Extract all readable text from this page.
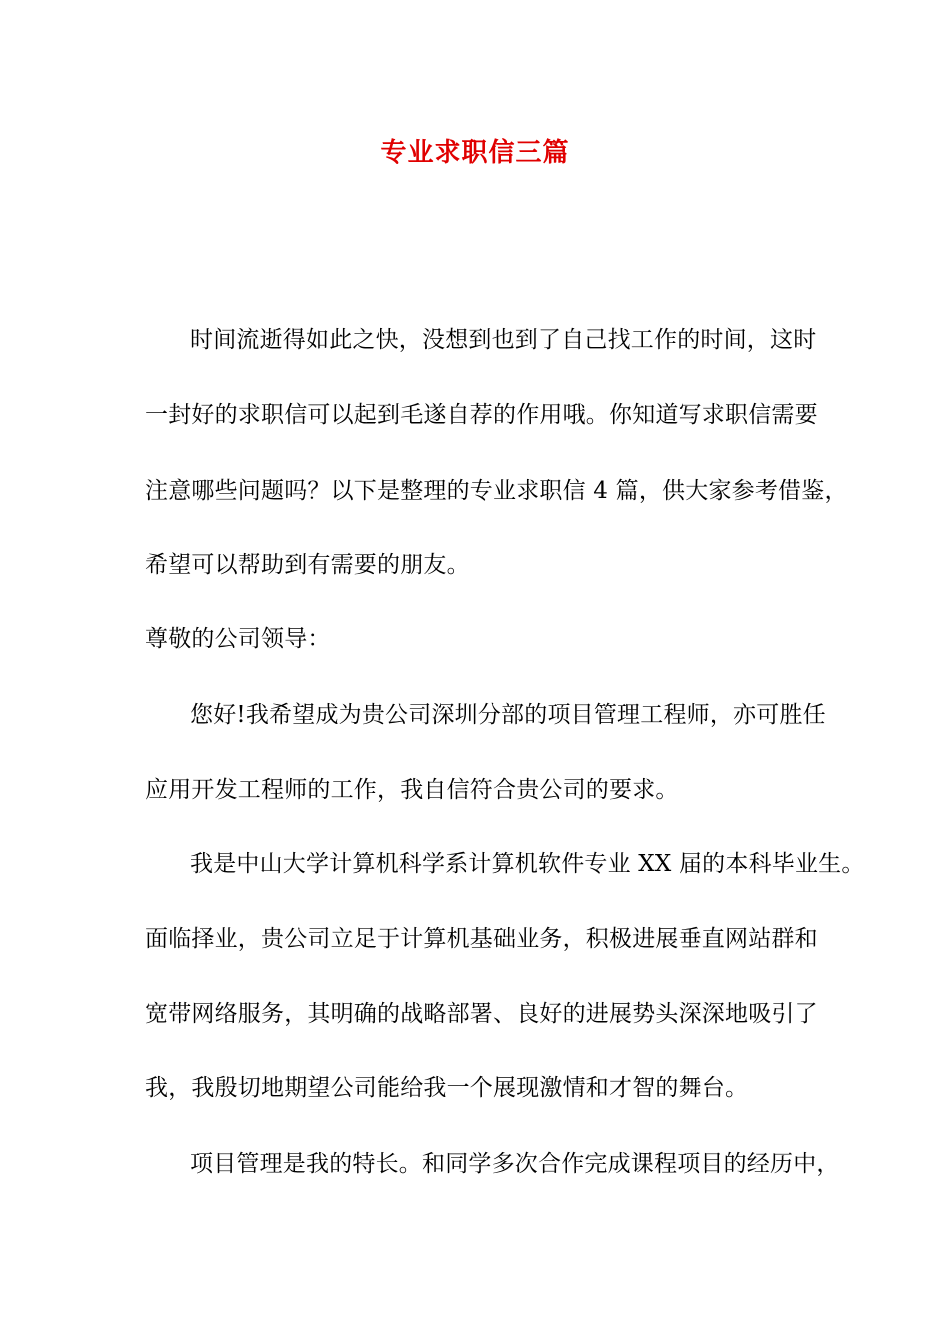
专业求职信三篇
时间流逝得如此之快，没想到也到了自己找工作的时间，这时
一封好的求职信可以起到毛遂自荐的作用哦。你知道写求职信需要
注意哪些问题吗？以下是整理的专业求职信 4 篇，供大家参考借鉴，
希望可以帮助到有需要的朋友。
尊敬的公司领导：
您好!我希望成为贵公司深圳分部的项目管理工程师，亦可胜任
应用开发工程师的工作，我自信符合贵公司的要求。
我是中山大学计算机科学系计算机软件专业 XX 届的本科毕业生。
面临择业，贵公司立足于计算机基础业务，积极进展垂直网站群和
宽带网络服务，其明确的战略部署、良好的进展势头深深地吸引了
我，我殷切地期望公司能给我一个展现激情和才智的舞台。
项目管理是我的特长。和同学多次合作完成课程项目的经历中，
